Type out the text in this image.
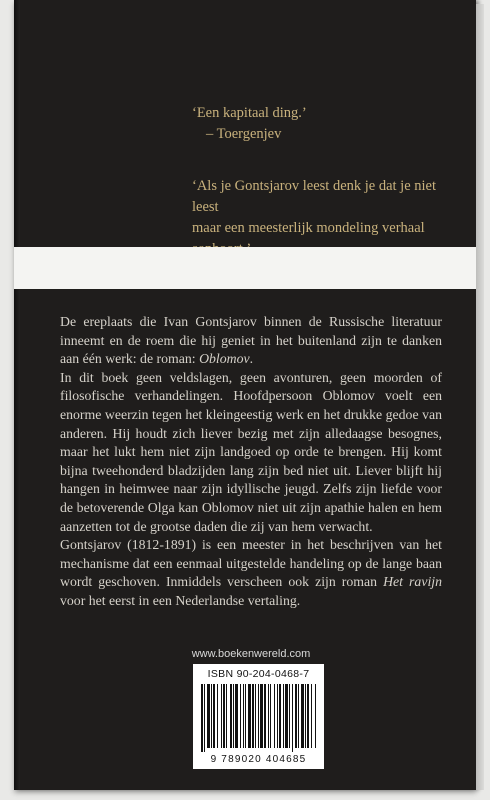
‘Een kapitaal ding.’

– Toergenjev

‘Als je Gontsjarov leest denk je dat je niet leest

maar een meesterlijk mondeling verhaal

De ereplaats die Ivan Gontsjarov binnen de Russische literatuur inneemt en de roem die hij geniet in het buitenland zijn te danken aan één werk: de roman: Oblomov.

In dit boek geen veldslagen, geen avonturen, geen moorden of filosofische verhandelingen. Hoofdpersoon Oblomov voelt een enorme weerzin tegen het kleingeestig werk en het drukke gedoe van anderen. Hij houdt zich liever bezig met zijn alledaagse besognes, maar het lukt hem niet zijn landgoed op orde te brengen. Hij komt bijna tweehonderd bladzijden lang zijn bed niet uit. Liever blijft hij hangen in heimwee naar zijn idyllische jeugd. Zelfs zijn liefde voor de betoverende Olga kan Oblomov niet uit zijn apathie halen en hem aanzetten tot de grootse daden die zij van hem verwacht.

Gontsjarov (1812-1891) is een meester in het beschrijven van het mechanisme dat een eenmaal uitgestelde handeling op de lange baan wordt geschoven. Inmiddels verscheen ook zijn roman Het ravijn voor het eerst in een Nederlandse vertaling.

www.boekenwereld.com
ISBN 90-204-0468-7
9 789020 404685
